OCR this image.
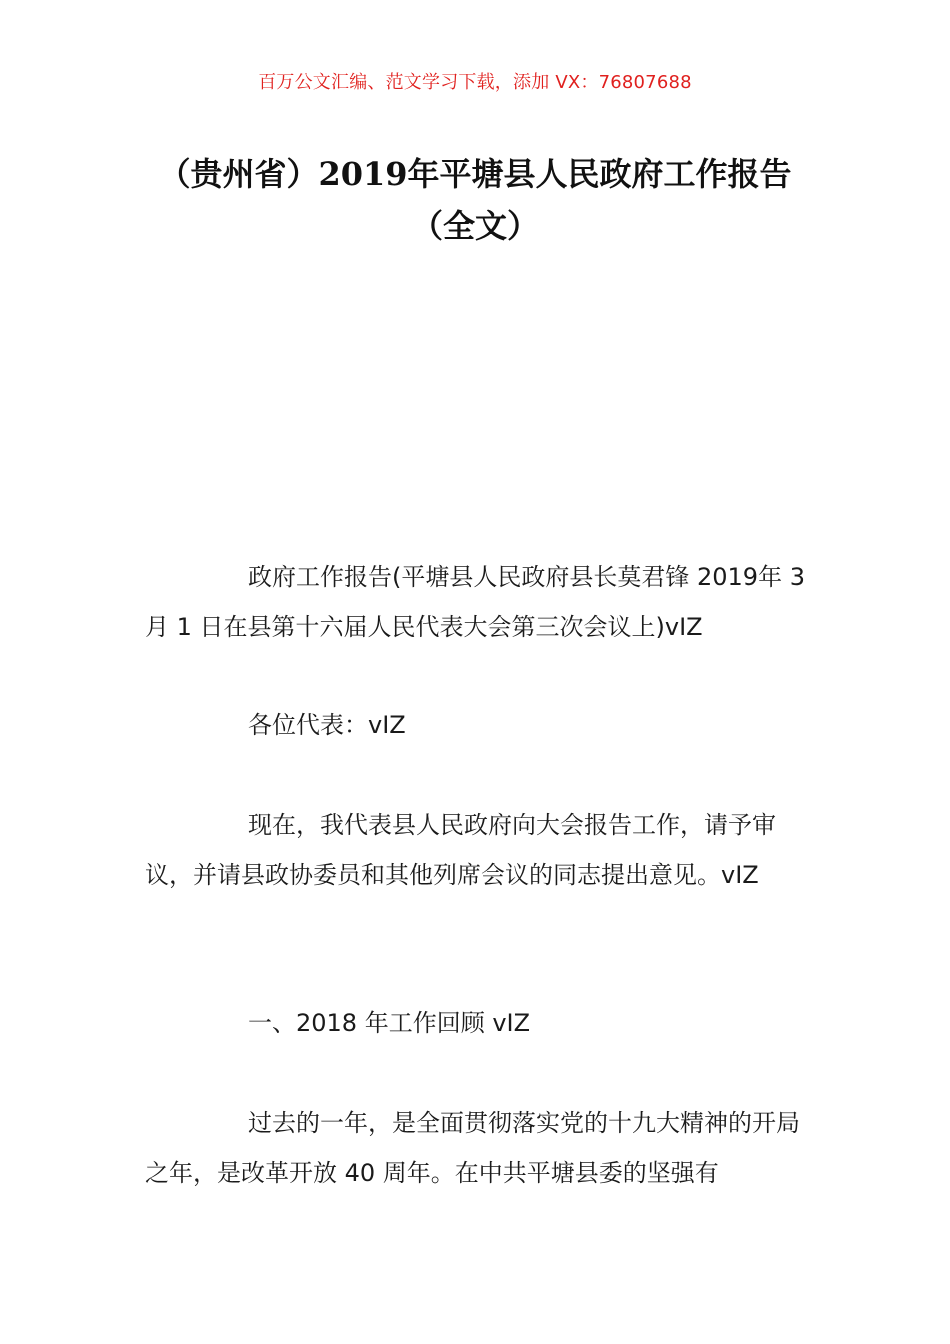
百万公文汇编、范文学习下载，添加 VX：76807688
（贵州省）2019年平塘县人民政府工作报告（全文）

政府工作报告(平塘县人民政府县长莫君锋 2019年 3 月 1 日在县第十六届人民代表大会第三次会议上)vIZ

各位代表：vIZ

现在，我代表县人民政府向大会报告工作，请予审议，并请县政协委员和其他列席会议的同志提出意见。vIZ

一、2018 年工作回顾 vIZ

过去的一年，是全面贯彻落实党的十九大精神的开局之年，是改革开放 40 周年。在中共平塘县委的坚强有
